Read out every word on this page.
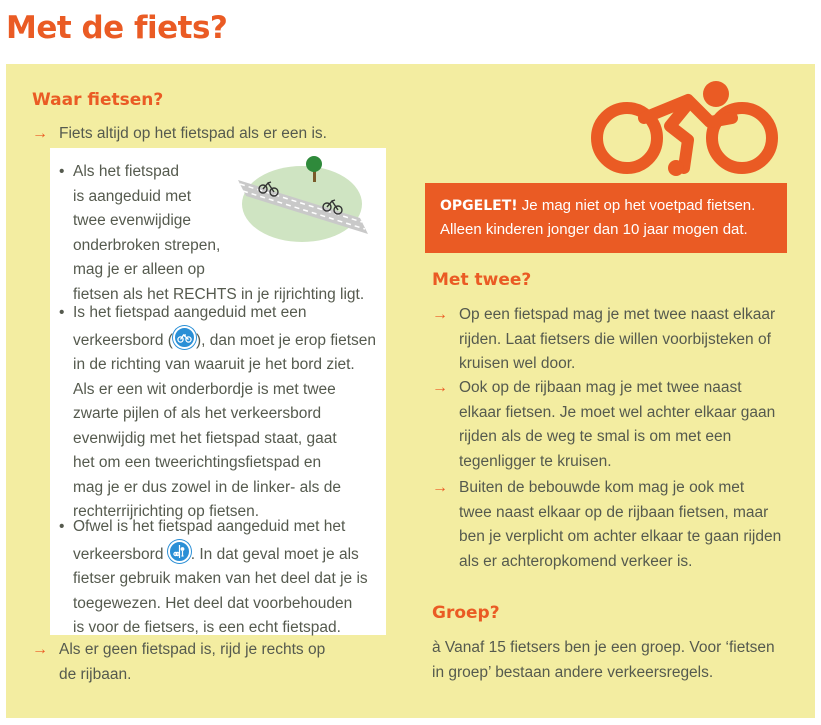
Met de fiets?
Waar fietsen?
→ Fiets altijd op het fietspad als er een is.
• Als het fietspad
is aangeduid met
twee evenwijdige
onderbroken strepen,
mag je er alleen op
fietsen als het RECHTS in je rijrichting ligt.
• Is het fietspad aangeduid met een
verkeersbord ( ), dan moet je erop fietsen
in de richting van waaruit je het bord ziet.
Als er een wit onderbordje is met twee
zwarte pijlen of als het verkeersbord
evenwijdig met het fietspad staat, gaat
het om een tweerichtingsfietspad en
mag je er dus zowel in de linker- als de
rechterrijrichting op fietsen.
• Ofwel is het fietspad aangeduid met het
verkeersbord
. In dat geval moet je als
fietser gebruik maken van het deel dat je is
toegewezen. Het deel dat voorbehouden
is voor de fietsers, is een echt fietspad.
→ Als er geen fietspad is, rijd je rechts op
de rijbaan.
OPGELET! Je mag niet op het voetpad fietsen.
Alleen kinderen jonger dan 10 jaar mogen dat.
Met twee?
→ Op een fietspad mag je met twee naast elkaar
rijden. Laat fietsers die willen voorbijsteken of
kruisen wel door.
→ Ook op de rijbaan mag je met twee naast
elkaar fietsen. Je moet wel achter elkaar gaan
rijden als de weg te smal is om met een
tegenligger te kruisen.
→ Buiten de bebouwde kom mag je ook met
twee naast elkaar op de rijbaan fietsen, maar
ben je verplicht om achter elkaar te gaan rijden
als er achteropkomend verkeer is.
Groep?
à Vanaf 15 fietsers ben je een groep. Voor ‘fietsen
in groep’ bestaan andere verkeersregels.
